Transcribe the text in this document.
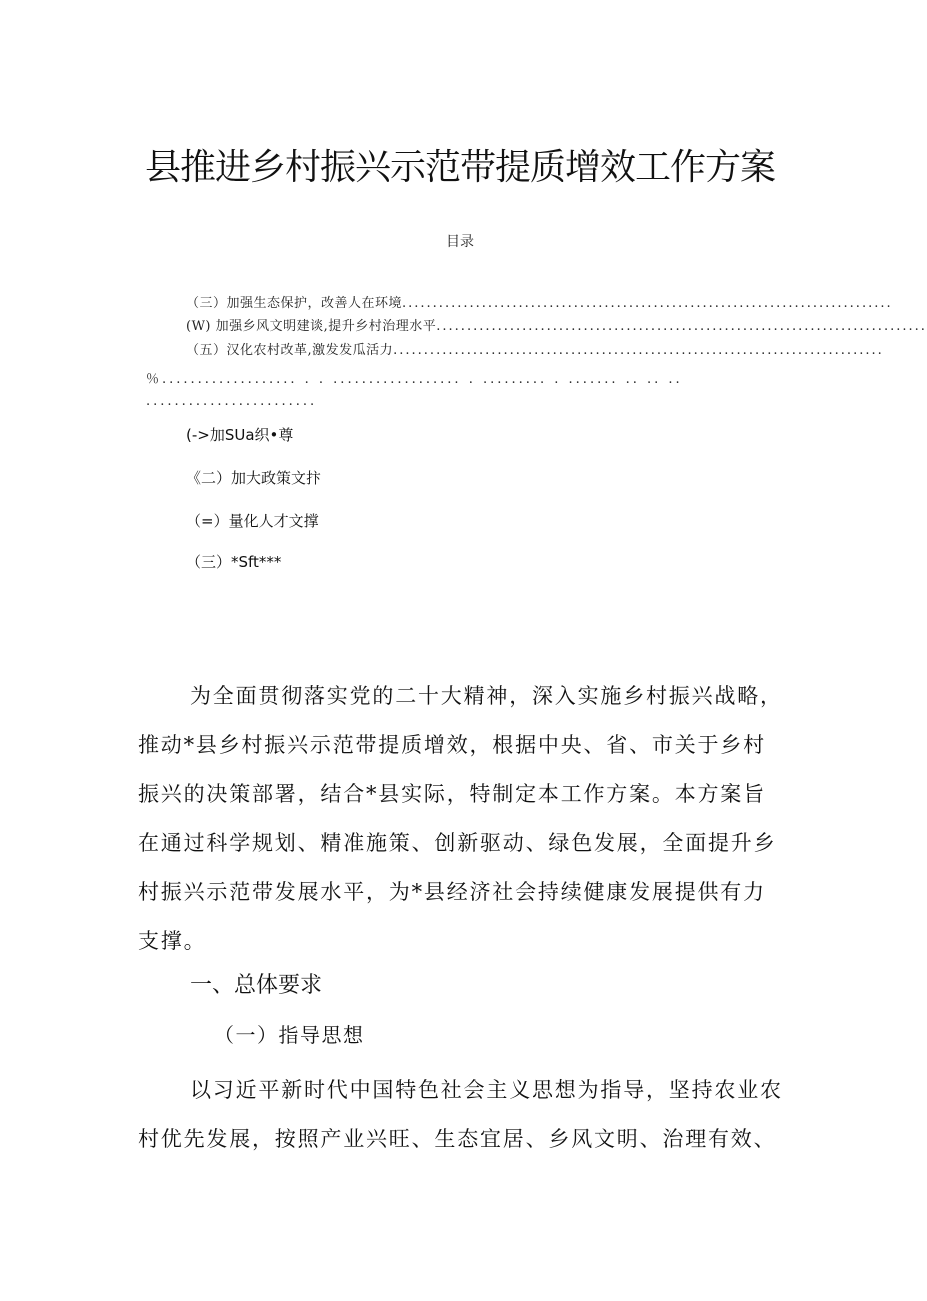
县推进乡村振兴示范带提质增效工作方案
目录
（三）加强生态保护，改善人在环境 ................................................................................
(W) 加强乡风文明建谈,提升乡村治理水平 ................................................................................
（五）汉化农村改革,激发发瓜活力 ................................................................................
％................... . . .................. . ......... . ....... .. .. ..
........................
(->加SUa织•尊
《二）加大政策文抃
（=）量化人才文撑
（三）*Sft***
为全面贯彻落实党的二十大精神，深入实施乡村振兴战略，推动*县乡村振兴示范带提质增效，根据中央、省、市关于乡村振兴的决策部署，结合*县实际，特制定本工作方案。本方案旨在通过科学规划、精准施策、创新驱动、绿色发展，全面提升乡村振兴示范带发展水平，为*县经济社会持续健康发展提供有力支撑。
一、总体要求
（一）指导思想
以习近平新时代中国特色社会主义思想为指导，坚持农业农村优先发展，按照产业兴旺、生态宜居、乡风文明、治理有效、
